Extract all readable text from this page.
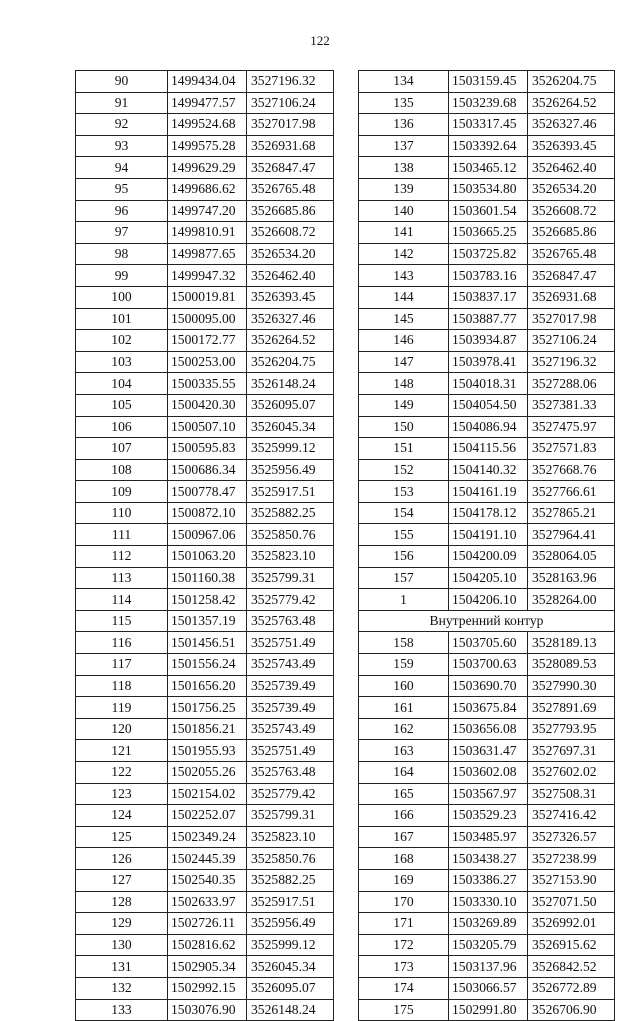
122
90	1499434.04	3527196.32
91	1499477.57	3527106.24
92	1499524.68	3527017.98
93	1499575.28	3526931.68
94	1499629.29	3526847.47
95	1499686.62	3526765.48
96	1499747.20	3526685.86
97	1499810.91	3526608.72
98	1499877.65	3526534.20
99	1499947.32	3526462.40
100	1500019.81	3526393.45
101	1500095.00	3526327.46
102	1500172.77	3526264.52
103	1500253.00	3526204.75
104	1500335.55	3526148.24
105	1500420.30	3526095.07
106	1500507.10	3526045.34
107	1500595.83	3525999.12
108	1500686.34	3525956.49
109	1500778.47	3525917.51
110	1500872.10	3525882.25
111	1500967.06	3525850.76
112	1501063.20	3525823.10
113	1501160.38	3525799.31
114	1501258.42	3525779.42
115	1501357.19	3525763.48
116	1501456.51	3525751.49
117	1501556.24	3525743.49
118	1501656.20	3525739.49
119	1501756.25	3525739.49
120	1501856.21	3525743.49
121	1501955.93	3525751.49
122	1502055.26	3525763.48
123	1502154.02	3525779.42
124	1502252.07	3525799.31
125	1502349.24	3525823.10
126	1502445.39	3525850.76
127	1502540.35	3525882.25
128	1502633.97	3525917.51
129	1502726.11	3525956.49
130	1502816.62	3525999.12
131	1502905.34	3526045.34
132	1502992.15	3526095.07
133	1503076.90	3526148.24
134	1503159.45	3526204.75
135	1503239.68	3526264.52
136	1503317.45	3526327.46
137	1503392.64	3526393.45
138	1503465.12	3526462.40
139	1503534.80	3526534.20
140	1503601.54	3526608.72
141	1503665.25	3526685.86
142	1503725.82	3526765.48
143	1503783.16	3526847.47
144	1503837.17	3526931.68
145	1503887.77	3527017.98
146	1503934.87	3527106.24
147	1503978.41	3527196.32
148	1504018.31	3527288.06
149	1504054.50	3527381.33
150	1504086.94	3527475.97
151	1504115.56	3527571.83
152	1504140.32	3527668.76
153	1504161.19	3527766.61
154	1504178.12	3527865.21
155	1504191.10	3527964.41
156	1504200.09	3528064.05
157	1504205.10	3528163.96
1	1504206.10	3528264.00
Внутренний контур		
158	1503705.60	3528189.13
159	1503700.63	3528089.53
160	1503690.70	3527990.30
161	1503675.84	3527891.69
162	1503656.08	3527793.95
163	1503631.47	3527697.31
164	1503602.08	3527602.02
165	1503567.97	3527508.31
166	1503529.23	3527416.42
167	1503485.97	3527326.57
168	1503438.27	3527238.99
169	1503386.27	3527153.90
170	1503330.10	3527071.50
171	1503269.89	3526992.01
172	1503205.79	3526915.62
173	1503137.96	3526842.52
174	1503066.57	3526772.89
175	1502991.80	3526706.90
